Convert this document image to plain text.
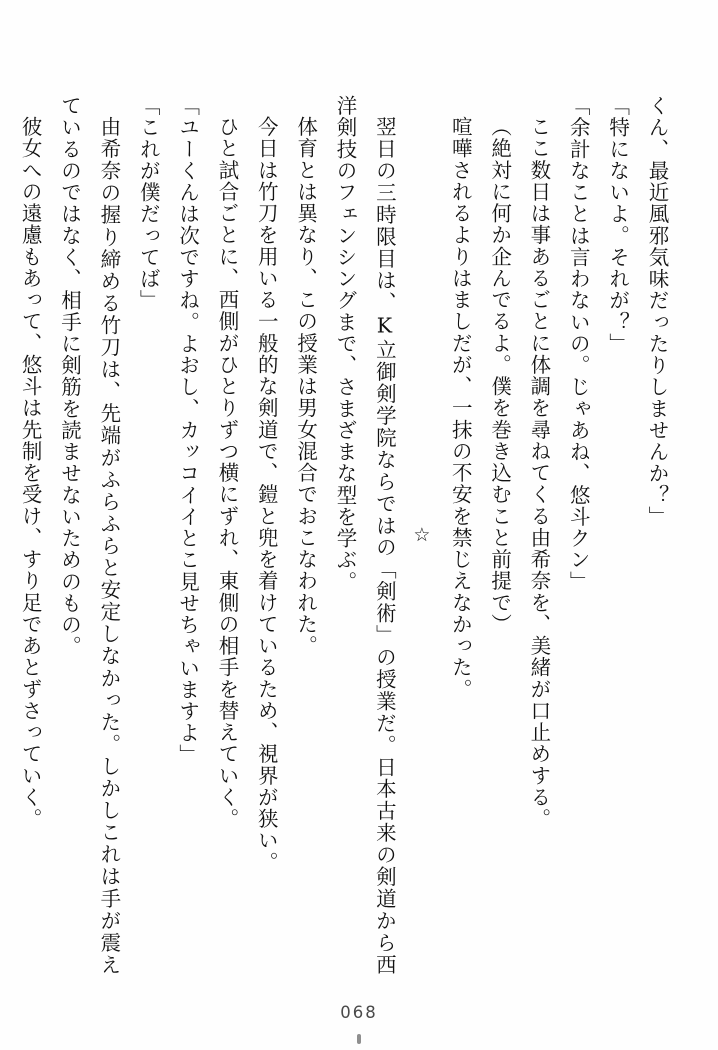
くん、最近風邪気味だったりしませんか？」

「特にないよ。それが？」

「余計なことは言わないの。じゃあね、悠斗クン」

ここ数日は事あるごとに体調を尋ねてくる由希奈を、美緒が口止めする。

（絶対に何か企んでるよ。僕を巻き込むこと前提で）

喧嘩されるよりはましだが、一抹の不安を禁じえなかった。

☆

翌日の三時限目は、K立御剣学院ならではの「剣術」の授業だ。日本古来の剣道から西洋剣技のフェンシングまで、さまざまな型を学ぶ。

体育とは異なり、この授業は男女混合でおこなわれた。

今日は竹刀を用いる一般的な剣道で、鎧と兜を着けているため、視界が狭い。

ひと試合ごとに、西側がひとりずつ横にずれ、東側の相手を替えていく。

「ユーくんは次ですね。よおし、カッコイイとこ見せちゃいますよ」

「これが僕だってば」

由希奈の握り締める竹刀は、先端がふらふらと安定しなかった。しかしこれは手が震えているのではなく、相手に剣筋を読ませないためのもの。

彼女への遠慮もあって、悠斗は先制を受け、すり足であとずさっていく。

068
